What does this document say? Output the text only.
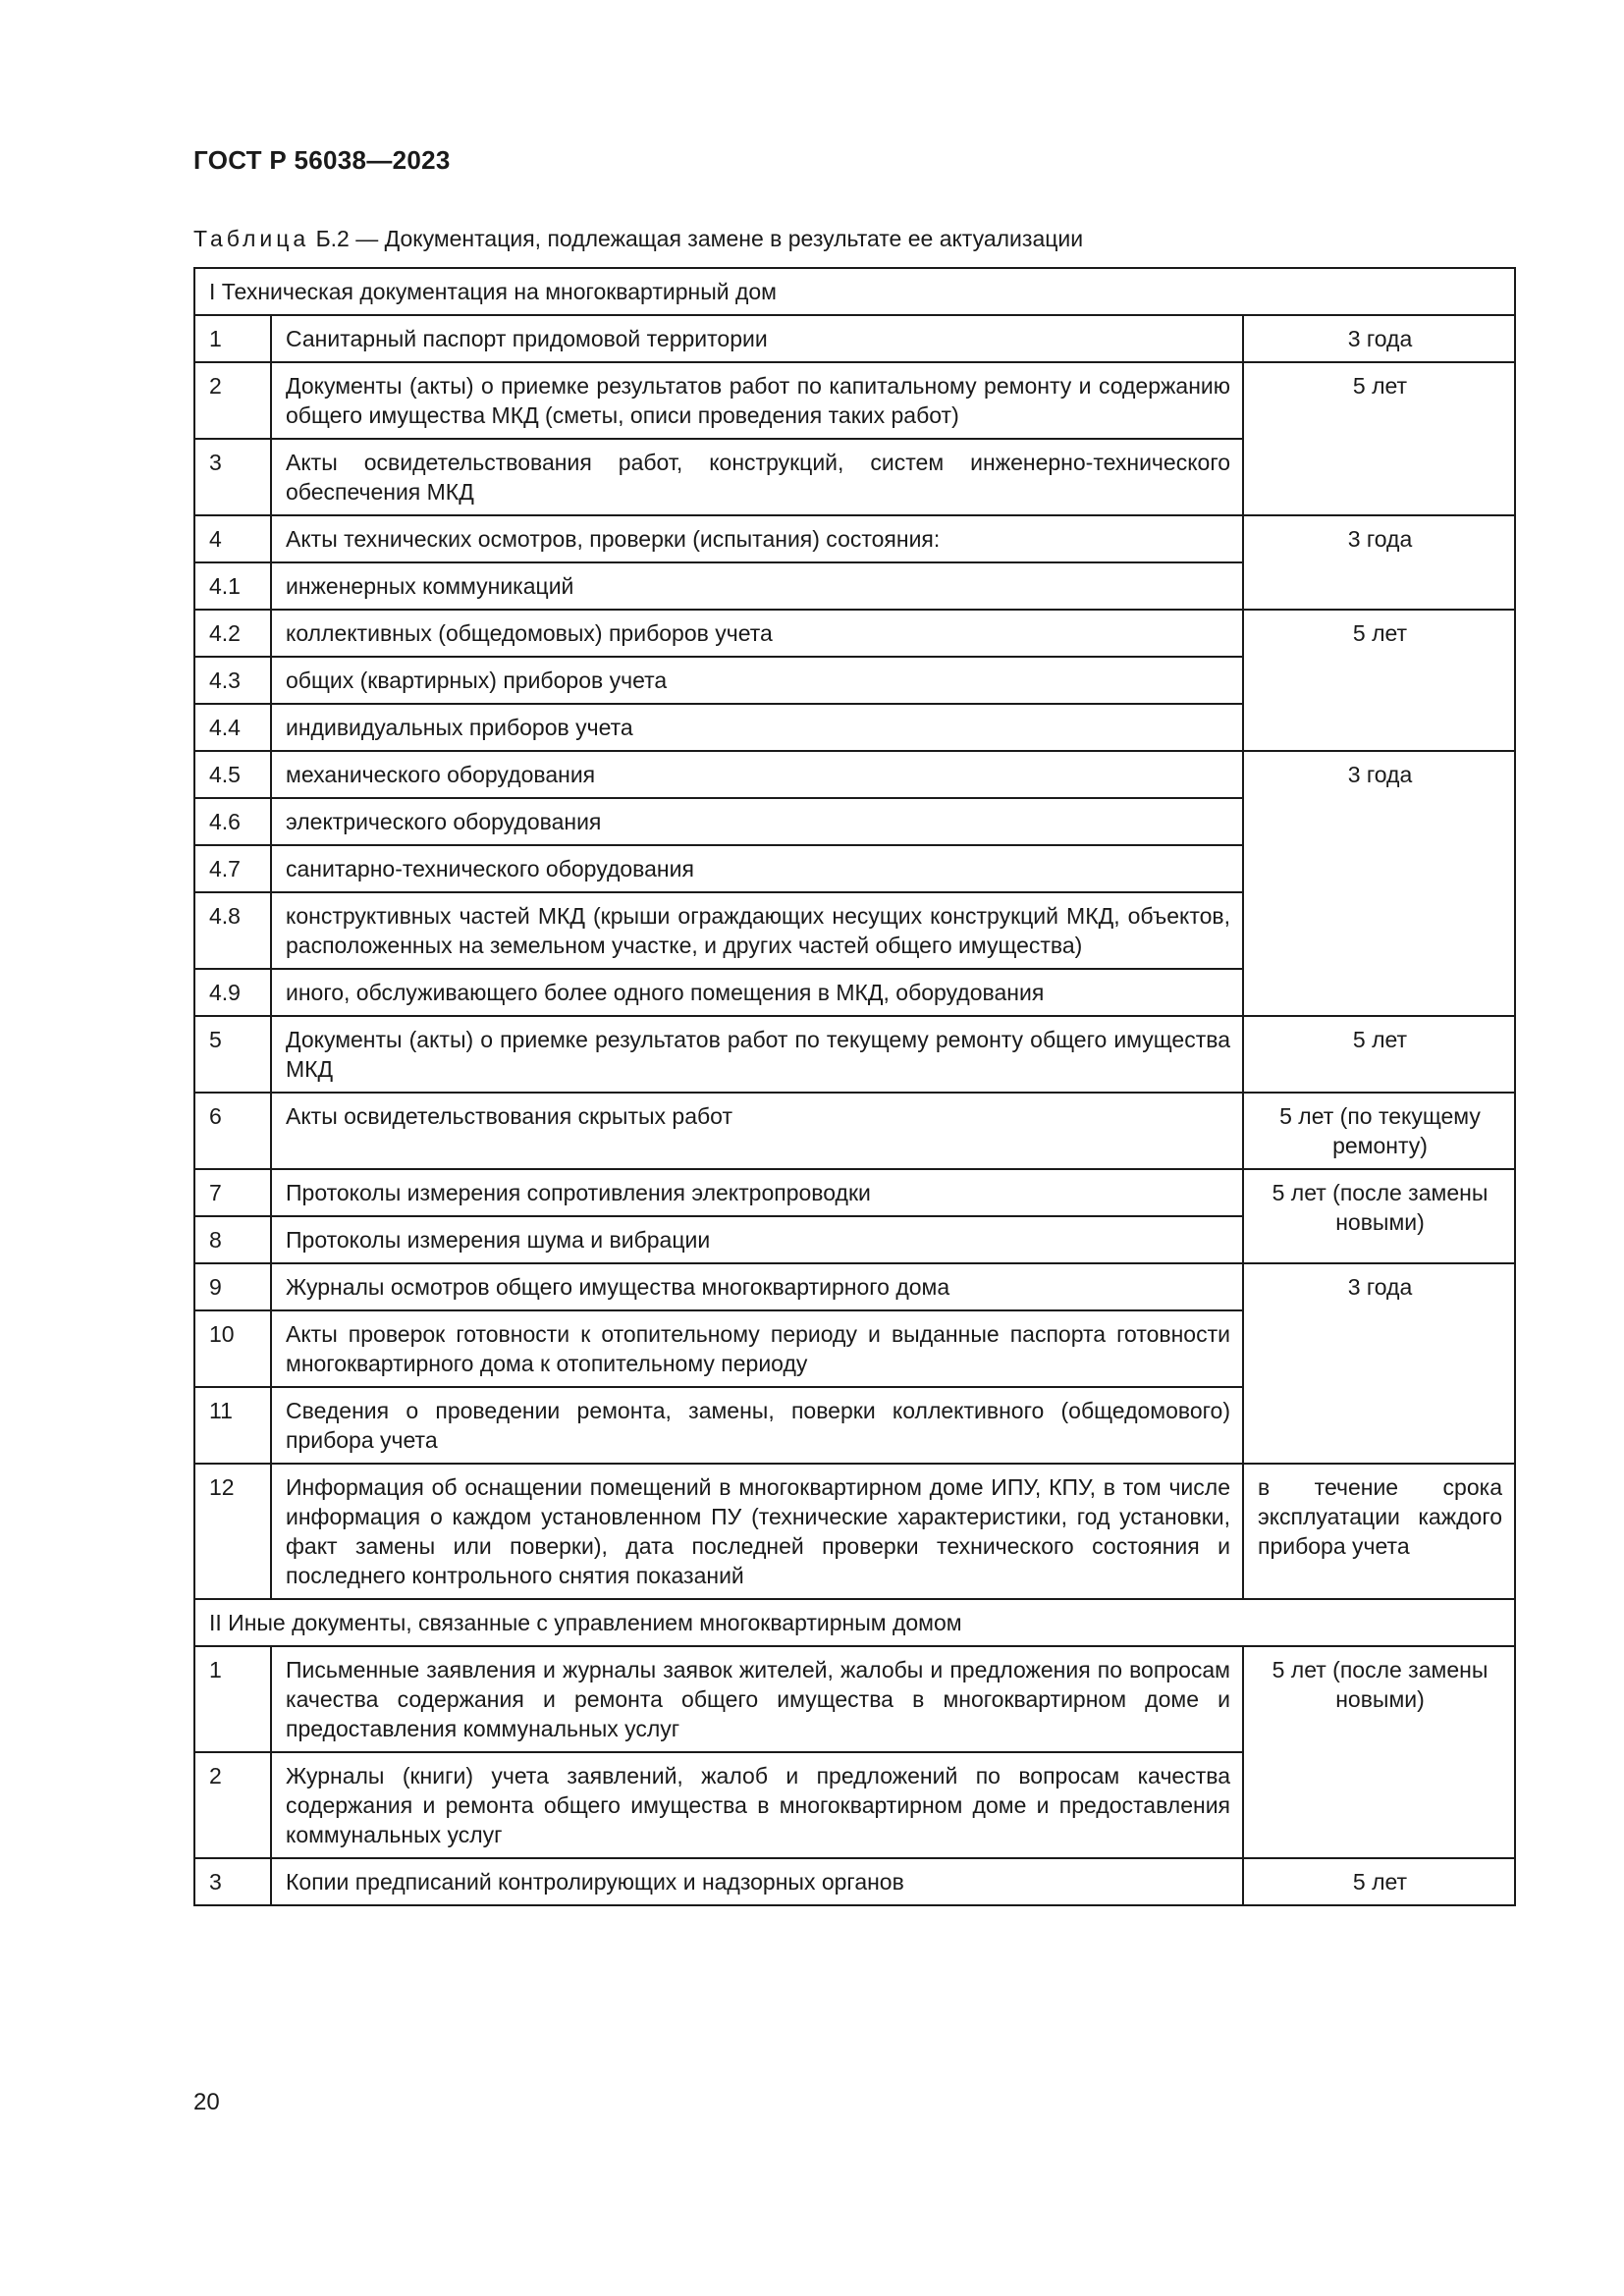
ГОСТ Р 56038—2023
Таблица Б.2 — Документация, подлежащая замене в результате ее актуализации
I Техническая документация на многоквартирный дом		
1	Санитарный паспорт придомовой территории	3 года
2	Документы (акты) о приемке результатов работ по капитальному ремонту и содержанию общего имущества МКД (сметы, описи проведения таких работ)	5 лет
3	Акты освидетельствования работ, конструкций, систем инженерно-технического обеспечения МКД	
4	Акты технических осмотров, проверки (испытания) состояния:	3 года
4.1	инженерных коммуникаций	
4.2	коллективных (общедомовых) приборов учета	5 лет
4.3	общих (квартирных) приборов учета	
4.4	индивидуальных приборов учета	
4.5	механического оборудования	3 года
4.6	электрического оборудования	
4.7	санитарно-технического оборудования	
4.8	конструктивных частей МКД (крыши ограждающих несущих конструкций МКД, объектов, расположенных на земельном участке, и других частей общего имущества)	
4.9	иного, обслуживающего более одного помещения в МКД, оборудования	
5	Документы (акты) о приемке результатов работ по текущему ремонту общего имущества МКД	5 лет
6	Акты освидетельствования скрытых работ	5 лет (по текущему ремонту)
7	Протоколы измерения сопротивления электропроводки	5 лет (после замены новыми)
8	Протоколы измерения шума и вибрации	
9	Журналы осмотров общего имущества многоквартирного дома	3 года
10	Акты проверок готовности к отопительному периоду и выданные паспорта готовности многоквартирного дома к отопительному периоду	
11	Сведения о проведении ремонта, замены, поверки коллективного (общедомового) прибора учета	
12	Информация об оснащении помещений в многоквартирном доме ИПУ, КПУ, в том числе информация о каждом установленном ПУ (технические характеристики, год установки, факт замены или поверки), дата последней проверки технического состояния и последнего контрольного снятия показаний	в течение срока эксплуатации каждого прибора учета
II Иные документы, связанные с управлением многоквартирным домом		
1	Письменные заявления и журналы заявок жителей, жалобы и предложения по вопросам качества содержания и ремонта общего имущества в многоквартирном доме и предоставления коммунальных услуг	5 лет (после замены новыми)
2	Журналы (книги) учета заявлений, жалоб и предложений по вопросам качества содержания и ремонта общего имущества в многоквартирном доме и предоставления коммунальных услуг	
3	Копии предписаний контролирующих и надзорных органов	5 лет
20
